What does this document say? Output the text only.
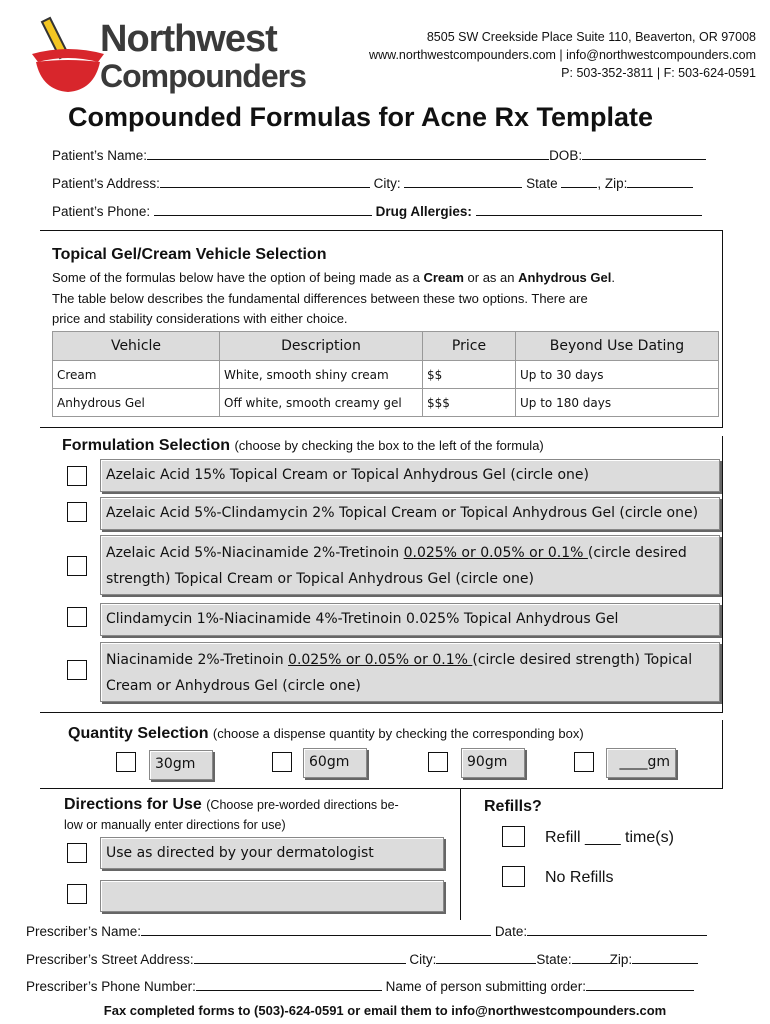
Northwest
Compounders
8505 SW Creekside Place Suite 110, Beaverton, OR 97008
www.northwestcompounders.com | info@northwestcompounders.com
P: 503-352-3811 | F: 503-624-0591
Compounded Formulas for Acne Rx Template
Patient’s Name:	DOB:
Patient’s Address:	City:	State	, Zip:
Patient’s Phone:	Drug Allergies:
Topical Gel/Cream Vehicle Selection
Some of the formulas below have the option of being made as a Cream or as an Anhydrous Gel.
The table below describes the fundamental differences between these two options. There are
price and stability considerations with either choice.
Vehicle	Description	Price	Beyond Use Dating
Cream	White, smooth shiny cream	$$	Up to 30 days
Anhydrous Gel	Off white, smooth creamy gel	$$$	Up to 180 days
Formulation Selection (choose by checking the box to the left of the formula)
Azelaic Acid 15% Topical Cream or Topical Anhydrous Gel (circle one)
Azelaic Acid 5%-Clindamycin 2% Topical Cream or Topical Anhydrous Gel (circle one)
Azelaic Acid 5%-Niacinamide 2%-Tretinoin 0.025% or 0.05% or 0.1% (circle desired
strength) Topical Cream or Topical Anhydrous Gel (circle one)
Clindamycin 1%-Niacinamide 4%-Tretinoin 0.025% Topical Anhydrous Gel
Niacinamide 2%-Tretinoin 0.025% or 0.05% or 0.1% (circle desired strength) Topical
Cream or Anhydrous Gel (circle one)
Quantity Selection (choose a dispense quantity by checking the corresponding box)
30gm	60gm	90gm	____gm
Directions for Use (Choose pre-worded directions be-
low or manually enter directions for use)
Use as directed by your dermatologist
Refills?
Refill ____ time(s)
No Refills
Prescriber’s Name:	Date:
Prescriber’s Street Address:	City:	State:	Zip:
Prescriber’s Phone Number:	Name of person submitting order:
Fax completed forms to (503)-624-0591 or email them to info@northwestcompounders.com
